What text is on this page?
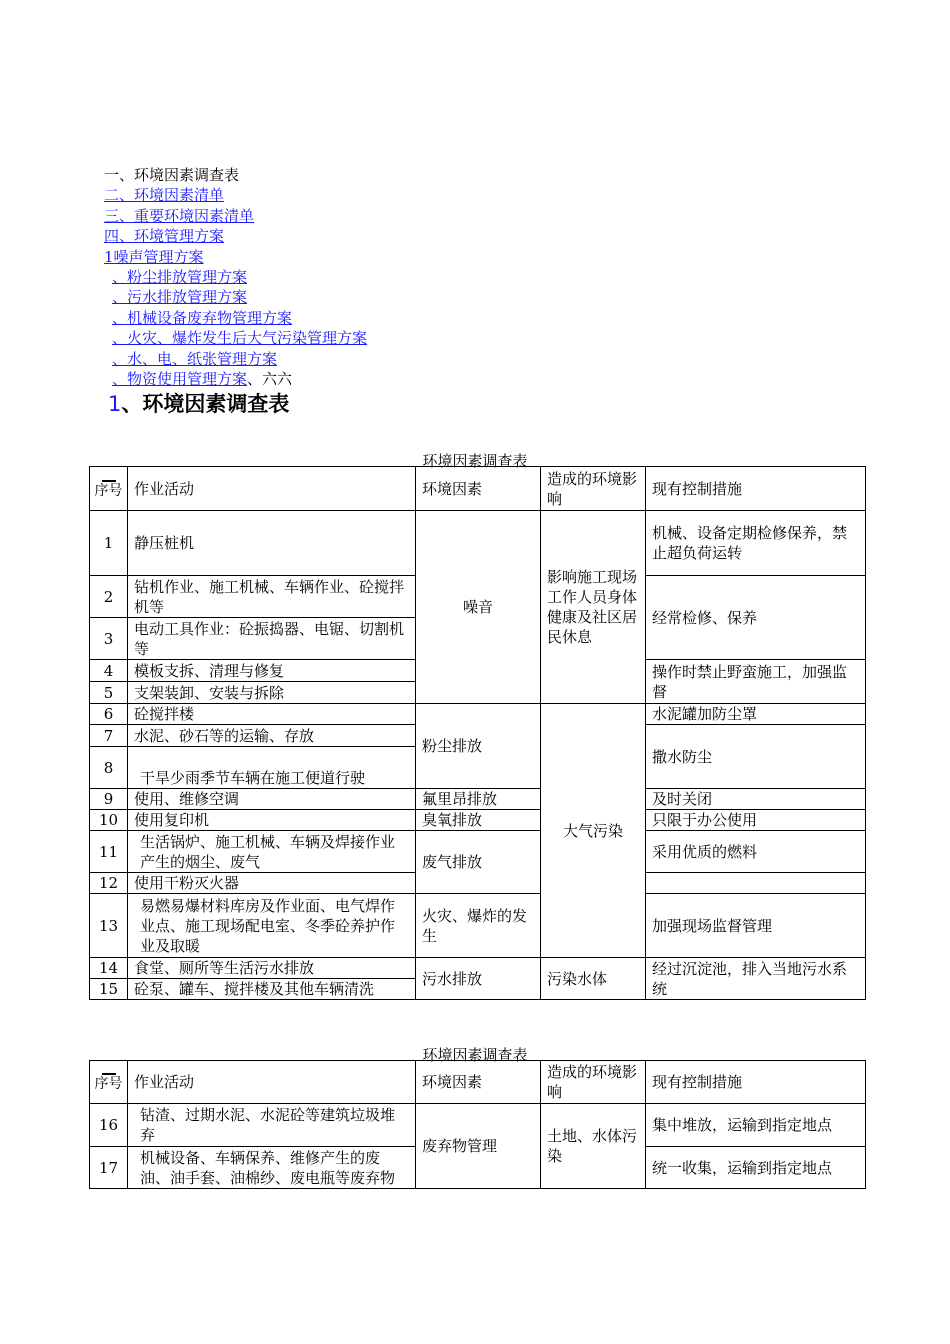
一、环境因素调查表
二、环境因素清单
三、重要环境因素清单
四、环境管理方案
1噪声管理方案
、粉尘排放管理方案
、污水排放管理方案
、机械设备废弃物管理方案
、火灾、爆炸发生后大气污染管理方案
、水、电、纸张管理方案
、物资使用管理方案、六六
1、环境因素调查表
环境因素调查表
序号	作业活动	环境因素	造成的环境影响	现有控制措施
1	静压桩机	噪音	影响施工现场工作人员身体健康及社区居民休息	机械、设备定期检修保养，禁止超负荷运转
2	钻机作业、施工机械、车辆作业、砼搅拌机等			经常检修、保养
3	电动工具作业：砼振捣器、电锯、切割机等			
4	模板支拆、清理与修复			操作时禁止野蛮施工，加强监督
5	支架装卸、安装与拆除			
6	砼搅拌楼	粉尘排放	大气污染	水泥罐加防尘罩
7	水泥、砂石等的运输、存放			撒水防尘
8	干旱少雨季节车辆在施工便道行驶			
9	使用、维修空调	氟里昂排放		及时关闭
10	使用复印机	臭氧排放		只限于办公使用
11	生活锅炉、施工机械、车辆及焊接作业产生的烟尘、废气	废气排放		采用优质的燃料
12	使用干粉灭火器			
13	易燃易爆材料库房及作业面、电气焊作业点、施工现场配电室、冬季砼养护作业及取暖	火灾、爆炸的发生		加强现场监督管理
14	食堂、厕所等生活污水排放	污水排放	污染水体	经过沉淀池，排入当地污水系统
15	砼泵、罐车、搅拌楼及其他车辆清洗			
环境因素调查表
序号	作业活动	环境因素	造成的环境影响	现有控制措施
16	钻渣、过期水泥、水泥砼等建筑垃圾堆弃	废弃物管理	土地、水体污染	集中堆放，运输到指定地点
17	机械设备、车辆保养、维修产生的废油、油手套、油棉纱、废电瓶等废弃物			统一收集，运输到指定地点
